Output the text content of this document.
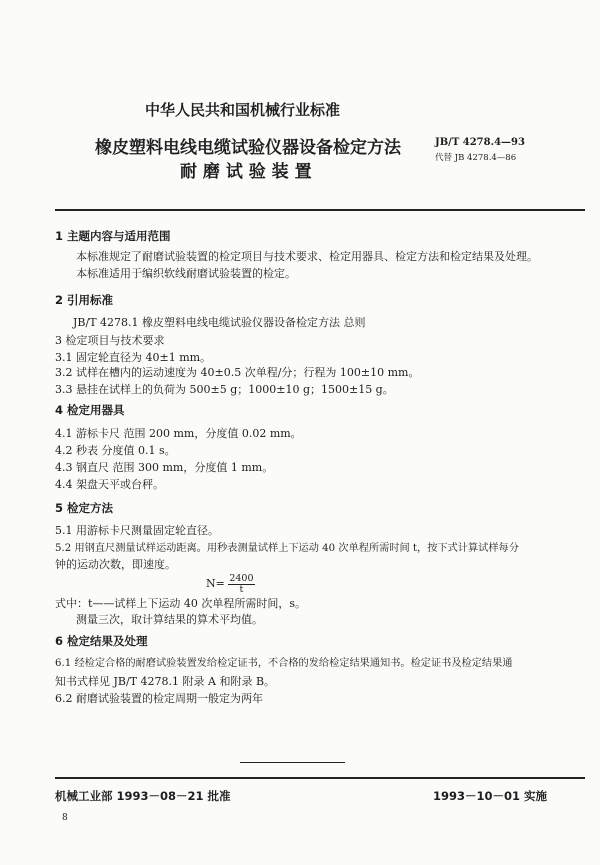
中华人民共和国机械行业标准
橡皮塑料电线电缆试验仪器设备检定方法
耐 磨 试 验 装 置
JB/T 4278.4—93
代替 JB 4278.4—86
1 主题内容与适用范围
本标准规定了耐磨试验装置的检定项目与技术要求、检定用器具、检定方法和检定结果及处理。
本标准适用于编织软线耐磨试验装置的检定。
2 引用标准
JB/T 4278.1 橡皮塑料电线电缆试验仪器设备检定方法 总则
3 检定项目与技术要求
3.1 固定轮直径为 40±1 mm。
3.2 试样在槽内的运动速度为 40±0.5 次单程/分；行程为 100±10 mm。
3.3 悬挂在试样上的负荷为 500±5 g；1000±10 g；1500±15 g。
4 检定用器具
4.1 游标卡尺 范围 200 mm，分度值 0.02 mm。
4.2 秒表 分度值 0.1 s。
4.3 钢直尺 范围 300 mm，分度值 1 mm。
4.4 架盘天平或台秤。
5 检定方法
5.1 用游标卡尺测量固定轮直径。
5.2 用钢直尺测量试样运动距离。用秒表测量试样上下运动 40 次单程所需时间 t，按下式计算试样每分
钟的运动次数，即速度。
$N= \frac{2400}{t}$
式中：t——试样上下运动 40 次单程所需时间，s。
测量三次，取计算结果的算术平均值。
6 检定结果及处理
6.1 经检定合格的耐磨试验装置发给检定证书，不合格的发给检定结果通知书。检定证书及检定结果通
知书式样见 JB/T 4278.1 附录 A 和附录 B。
6.2 耐磨试验装置的检定周期一般定为两年
机械工业部 1993－08－21 批准	1993－10－01 实施
8
